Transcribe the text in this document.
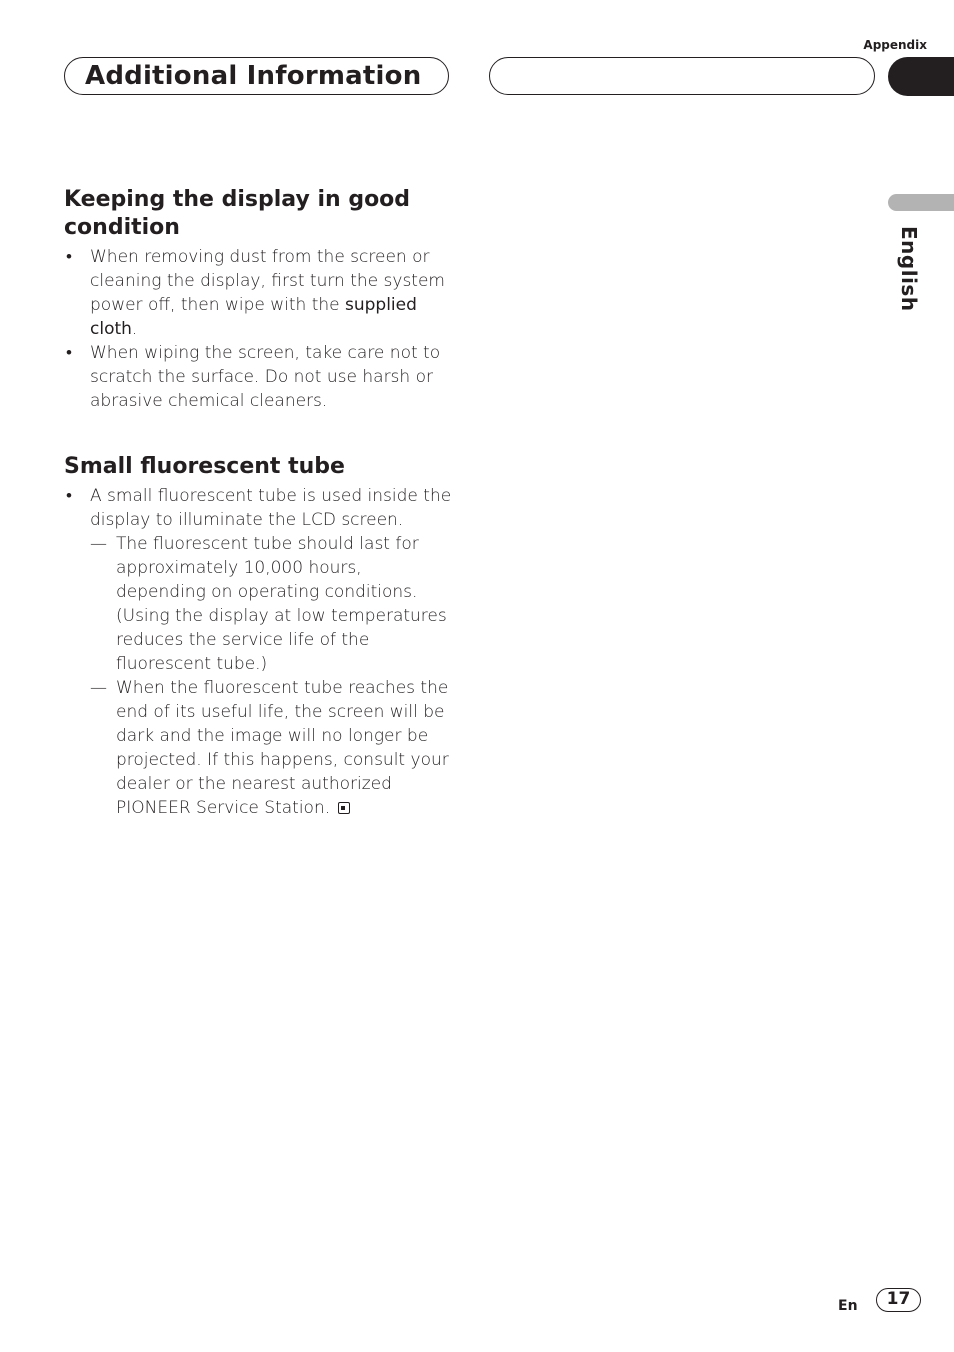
Appendix
Additional Information
English
Keeping the display in good condition
• When removing dust from the screen or cleaning the display, first turn the system power off, then wipe with the supplied cloth.
• When wiping the screen, take care not to scratch the surface. Do not use harsh or abrasive chemical cleaners.
Small fluorescent tube
• A small fluorescent tube is used inside the display to illuminate the LCD screen.
— The fluorescent tube should last for approximately 10,000 hours, depending on operating conditions. (Using the display at low temperatures reduces the service life of the fluorescent tube.)
— When the fluorescent tube reaches the end of its useful life, the screen will be dark and the image will no longer be projected. If this happens, consult your dealer or the nearest authorized PIONEER Service Station.
En	17
